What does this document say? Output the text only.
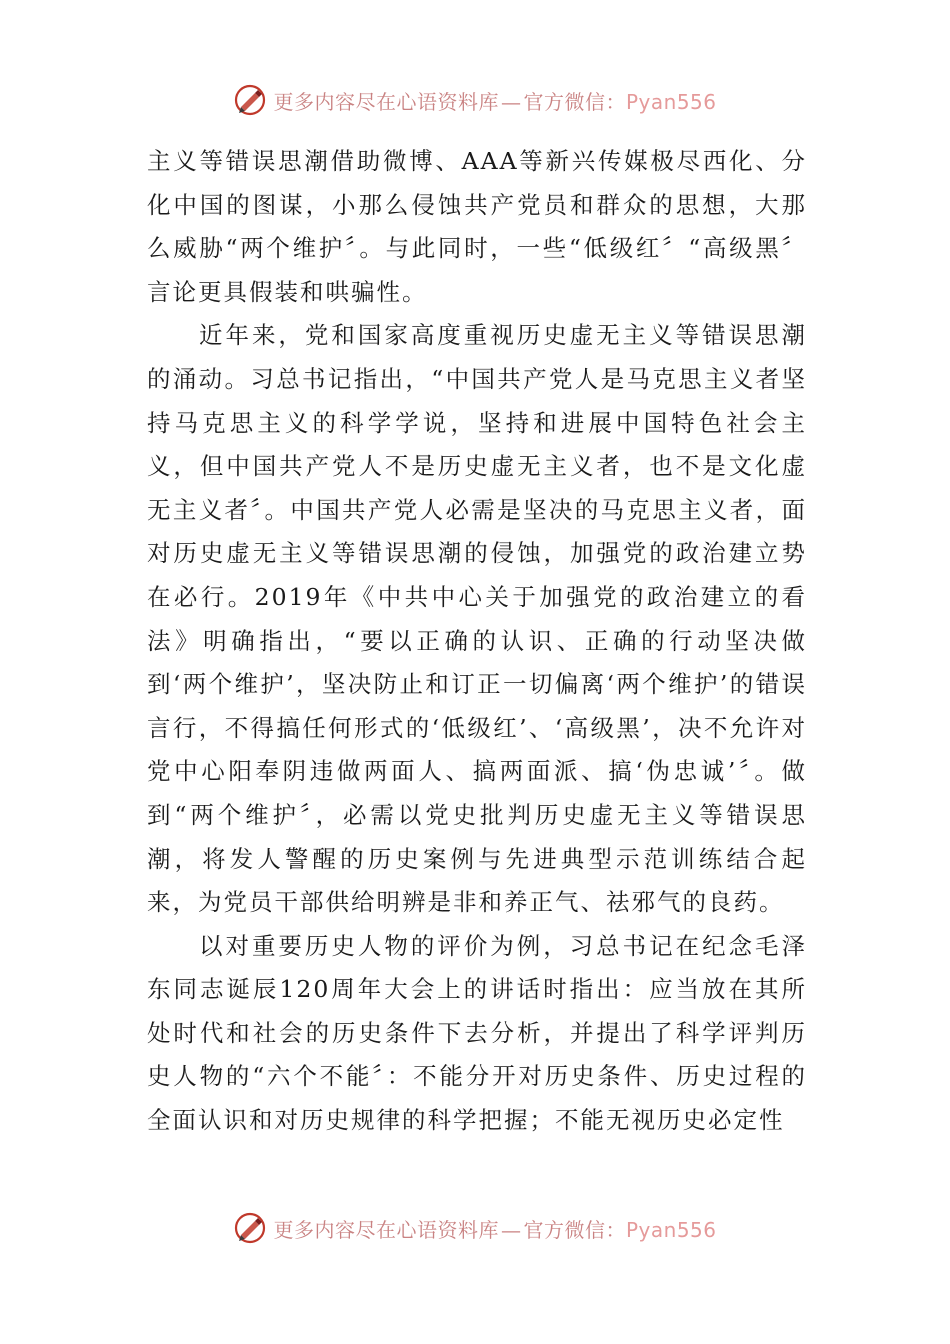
更多内容尽在心语资料库 — 官方微信：Pyan556

主义等错误思潮借助微博、AAA等新兴传媒极尽西化、分化中国的图谋，小那么侵蚀共产党员和群众的思想，大那么威胁“两个维护〞。与此同时，一些“低级红〞“高级黑〞言论更具假装和哄骗性。

近年来，党和国家高度重视历史虚无主义等错误思潮的涌动。习总书记指出，“中国共产党人是马克思主义者坚持马克思主义的科学学说，坚持和进展中国特色社会主义，但中国共产党人不是历史虚无主义者，也不是文化虚无主义者〞。中国共产党人必需是坚决的马克思主义者，面对历史虚无主义等错误思潮的侵蚀，加强党的政治建立势在必行。2019年《中共中心关于加强党的政治建立的看法》明确指出，“要以正确的认识、正确的行动坚决做到‘两个维护’，坚决防止和订正一切偏离‘两个维护’的错误言行，不得搞任何形式的‘低级红’、‘高级黑’，决不允许对党中心阳奉阴违做两面人、搞两面派、搞‘伪忠诚’〞。做到“两个维护〞，必需以党史批判历史虚无主义等错误思潮，将发人警醒的历史案例与先进典型示范训练结合起来，为党员干部供给明辨是非和养正气、祛邪气的良药。

以对重要历史人物的评价为例，习总书记在纪念毛泽东同志诞辰120周年大会上的讲话时指出：应当放在其所处时代和社会的历史条件下去分析，并提出了科学评判历史人物的“六个不能〞：不能分开对历史条件、历史过程的全面认识和对历史规律的科学把握；不能无视历史必定性

更多内容尽在心语资料库 — 官方微信：Pyan556
